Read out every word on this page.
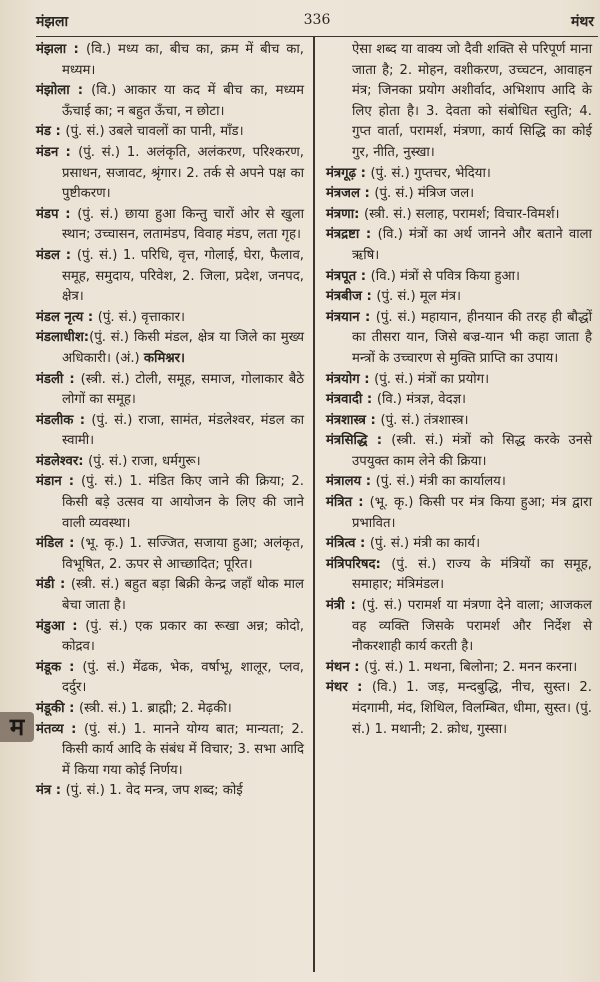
मंझला	336	मंथर
म

मंझला : (वि.) मध्य का, बीच का, क्रम में बीच का, मध्यम।

मंझोला : (वि.) आकार या कद में बीच का, मध्यम ऊँचाई का; न बहुत ऊँचा, न छोटा।

मंड : (पुं. सं.) उबले चावलों का पानी, माँड।

मंडन : (पुं. सं.) 1. अलंकृति, अलंकरण, परिश्करण, प्रसाधन, सजावट, श्रृंगार। 2. तर्क से अपने पक्ष का पुष्टीकरण।

मंडप : (पुं. सं.) छाया हुआ किन्तु चारों ओर से खुला स्थान; उच्चासन, लतामंडप, विवाह मंडप, लता गृह।

मंडल : (पुं. सं.) 1. परिधि, वृत्त, गोलाई, घेरा, फैलाव, समूह, समुदाय, परिवेश, 2. जिला, प्रदेश, जनपद, क्षेत्र।

मंडल नृत्य : (पुं. सं.) वृत्ताकार।

मंडलाधीश:(पुं. सं.) किसी मंडल, क्षेत्र या जिले का मुख्य अधिकारी। (अं.) कमिश्नर।

मंडली : (स्त्री. सं.) टोली, समूह, समाज, गोलाकार बैठे लोगों का समूह।

मंडलीक : (पुं. सं.) राजा, सामंत, मंडलेश्वर, मंडल का स्वामी।

मंडलेश्वर: (पुं. सं.) राजा, धर्मगुरू।

मंडान : (पुं. सं.) 1. मंडित किए जाने की क्रिया; 2. किसी बड़े उत्सव या आयोजन के लिए की जाने वाली व्यवस्था।

मंडिल : (भू. कृ.) 1. सज्जित, सजाया हुआ; अलंकृत, विभूषित, 2. ऊपर से आच्छादित; पूरित।

मंडी : (स्त्री. सं.) बहुत बड़ा बिक्री केन्द्र जहाँ थोक माल बेचा जाता है।

मंडुआ : (पुं. सं.) एक प्रकार का रूखा अन्न; कोदो, कोद्रव।

मंडूक : (पुं. सं.) मेंढक, भेक, वर्षाभू, शालूर, प्लव, दर्दुर।

मंडूकी : (स्त्री. सं.) 1. ब्राह्मी; 2. मेढ़की।

मंतव्य : (पुं. सं.) 1. मानने योग्य बात; मान्यता; 2. किसी कार्य आदि के संबंध में विचार; 3. सभा आदि में किया गया कोई निर्णय।

मंत्र : (पुं. सं.) 1. वेद मन्त्र, जप शब्द; कोई

ऐसा शब्द या वाक्य जो दैवी शक्ति से परिपूर्ण माना जाता है; 2. मोहन, वशीकरण, उच्चटन, आवाहन मंत्र; जिनका प्रयोग अशीर्वाद, अभिशाप आदि के लिए होता है। 3. देवता को संबोधित स्तुति; 4. गुप्त वार्ता, परामर्श, मंत्रणा, कार्य सिद्धि का कोई गुर, नीति, नुस्खा।

मंत्रगूढ़ : (पुं. सं.) गुप्तचर, भेदिया।

मंत्रजल : (पुं. सं.) मंत्रिज जल।

मंत्रणा: (स्त्री. सं.) सलाह, परामर्श; विचार-विमर्श।

मंत्रद्रष्टा : (वि.) मंत्रों का अर्थ जानने और बताने वाला ऋषि।

मंत्रपूत : (वि.) मंत्रों से पवित्र किया हुआ।

मंत्रबीज : (पुं. सं.) मूल मंत्र।

मंत्रयान : (पुं. सं.) महायान, हीनयान की तरह ही बौद्धों का तीसरा यान, जिसे बज्र-यान भी कहा जाता है मन्त्रों के उच्चारण से मुक्ति प्राप्ति का उपाय।

मंत्रयोग : (पुं. सं.) मंत्रों का प्रयोग।

मंत्रवादी : (वि.) मंत्रज्ञ, वेदज्ञ।

मंत्रशास्त्र : (पुं. सं.) तंत्रशास्त्र।

मंत्रसिद्धि : (स्त्री. सं.) मंत्रों को सिद्ध करके उनसे उपयुक्त काम लेने की क्रिया।

मंत्रालय : (पुं. सं.) मंत्री का कार्यालय।

मंत्रित : (भू. कृ.) किसी पर मंत्र किया हुआ; मंत्र द्वारा प्रभावित।

मंत्रित्व : (पुं. सं.) मंत्री का कार्य।

मंत्रिपरिषद: (पुं. सं.) राज्य के मंत्रियों का समूह, समाहार; मंत्रिमंडल।

मंत्री : (पुं. सं.) परामर्श या मंत्रणा देने वाला; आजकल वह व्यक्ति जिसके परामर्श और निर्देश से नौकरशाही कार्य करती है।

मंथन : (पुं. सं.) 1. मथना, बिलोना; 2. मनन करना।

मंथर : (वि.) 1. जड़, मन्दबुद्धि, नीच, सुस्त। 2. मंदगामी, मंद, शिथिल, विलम्बित, धीमा, सुस्त। (पुं. सं.) 1. मथानी; 2. क्रोध, गुस्सा।
